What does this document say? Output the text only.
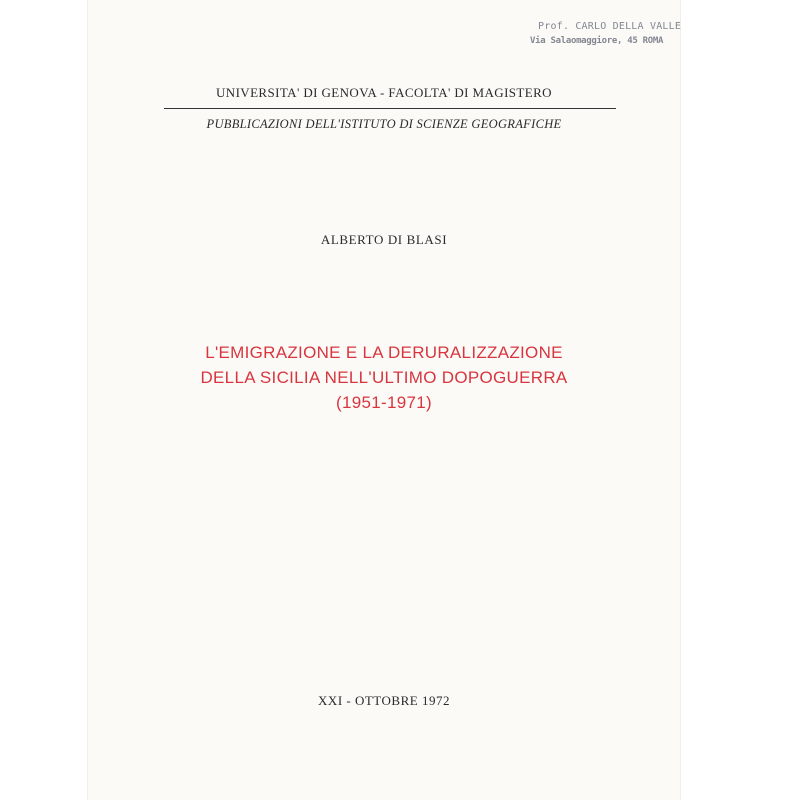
Prof. CARLO DELLA VALLE
Via Salaomaggiore, 45 ROMA
UNIVERSITA' DI GENOVA - FACOLTA' DI MAGISTERO
PUBBLICAZIONI DELL'ISTITUTO DI SCIENZE GEOGRAFICHE
ALBERTO DI BLASI
L'EMIGRAZIONE E LA DERURALIZZAZIONE
DELLA SICILIA NELL'ULTIMO DOPOGUERRA
(1951-1971)
XXI - OTTOBRE 1972
